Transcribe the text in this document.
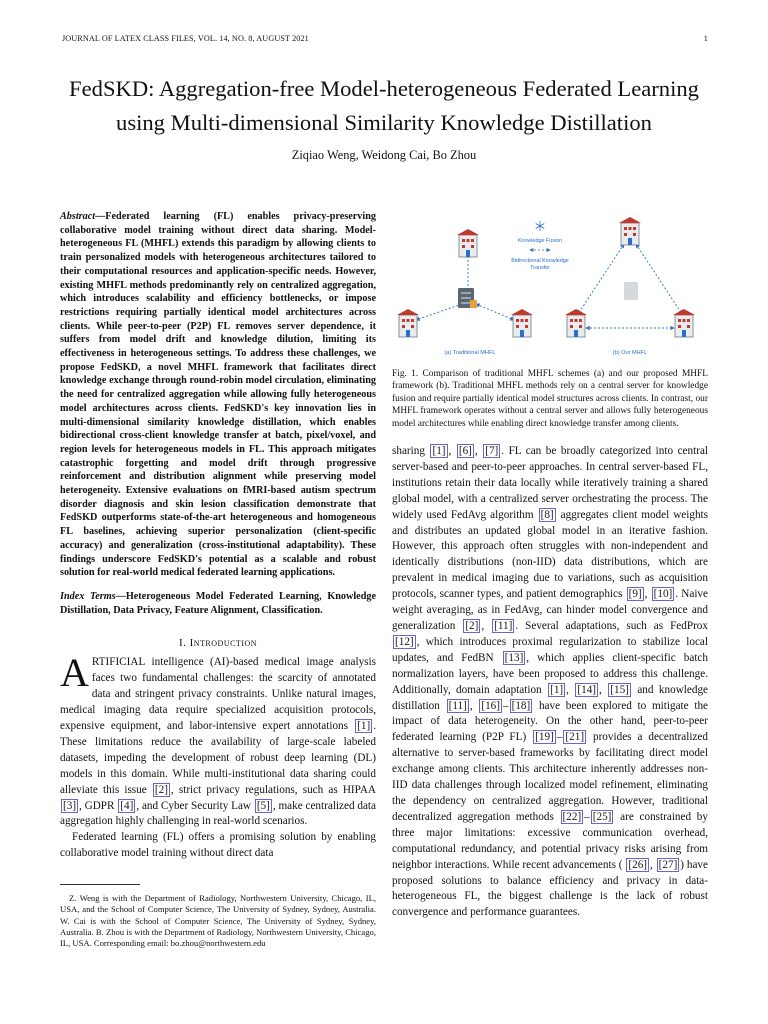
JOURNAL OF LATEX CLASS FILES, VOL. 14, NO. 8, AUGUST 2021	1
FedSKD: Aggregation-free Model-heterogeneous Federated Learning
using Multi-dimensional Similarity Knowledge Distillation
Ziqiao Weng, Weidong Cai, Bo Zhou
Abstract—Federated learning (FL) enables privacy-preserving collaborative model training without direct data sharing. Model-heterogeneous FL (MHFL) extends this paradigm by allowing clients to train personalized models with heterogeneous architectures tailored to their computational resources and application-specific needs. However, existing MHFL methods predominantly rely on centralized aggregation, which introduces scalability and efficiency bottlenecks, or impose restrictions requiring partially identical model architectures across clients. While peer-to-peer (P2P) FL removes server dependence, it suffers from model drift and knowledge dilution, limiting its effectiveness in heterogeneous settings. To address these challenges, we propose FedSKD, a novel MHFL framework that facilitates direct knowledge exchange through round-robin model circulation, eliminating the need for centralized aggregation while allowing fully heterogeneous model architectures across clients. FedSKD's key innovation lies in multi-dimensional similarity knowledge distillation, which enables bidirectional cross-client knowledge transfer at batch, pixel/voxel, and region levels for heterogeneous models in FL. This approach mitigates catastrophic forgetting and model drift through progressive reinforcement and distribution alignment while preserving model heterogeneity. Extensive evaluations on fMRI-based autism spectrum disorder diagnosis and skin lesion classification demonstrate that FedSKD outperforms state-of-the-art heterogeneous and homogeneous FL baselines, achieving superior personalization (client-specific accuracy) and generalization (cross-institutional adaptability). These findings underscore FedSKD's potential as a scalable and robust solution for real-world medical federated learning applications.
Index Terms—Heterogeneous Model Federated Learning, Knowledge Distillation, Data Privacy, Feature Alignment, Classification.
I. Introduction

ARTIFICIAL intelligence (AI)-based medical image analysis faces two fundamental challenges: the scarcity of annotated data and stringent privacy constraints. Unlike natural images, medical imaging data require specialized acquisition protocols, expensive equipment, and labor-intensive expert annotations [1] . These limitations reduce the availability of large-scale labeled datasets, impeding the development of robust deep learning (DL) models in this domain. While multi-institutional data sharing could alleviate this issue [2] , strict privacy regulations, such as HIPAA [3] , GDPR [4] , and Cyber Security Law [5] , make centralized data aggregation highly challenging in real-world scenarios.

Federated learning (FL) offers a promising solution by enabling collaborative model training without direct data

Z. Weng is with the Department of Radiology, Northwestern University, Chicago, IL, USA, and the School of Computer Science, The University of Sydney, Sydney, Australia. W. Cai is with the School of Computer Science, The University of Sydney, Sydney, Australia. B. Zhou is with the Department of Radiology, Northwestern University, Chicago, IL, USA. Corresponding email: bo.zhou@northwestern.edu
(a) Traditional MHFL
Knowledge Fusion
Bidirectional Knowledge
Transfer
(b) Our MHFL
Fig. 1. Comparison of traditional MHFL schemes (a) and our proposed MHFL framework (b). Traditional MHFL methods rely on a central server for knowledge fusion and require partially identical model structures across clients. In contrast, our MHFL framework operates without a central server and allows fully heterogeneous model architectures while enabling direct knowledge transfer among clients.

sharing [1] , [6] , [7] . FL can be broadly categorized into central server-based and peer-to-peer approaches. In central server-based FL, institutions retain their data locally while iteratively training a shared global model, with a centralized server orchestrating the process. The widely used FedAvg algorithm [8] aggregates client model weights and distributes an updated global model in an iterative fashion. However, this approach often struggles with non-independent and identically distributions (non-IID) data distributions, which are prevalent in medical imaging due to variations, such as acquisition protocols, scanner types, and patient demographics [9] , [10] . Naive weight averaging, as in FedAvg, can hinder model convergence and generalization [2] , [11] . Several adaptations, such as FedProx [12] , which introduces proximal regularization to stabilize local updates, and FedBN [13] , which applies client-specific batch normalization layers, have been proposed to address this challenge. Additionally, domain adaptation [1] , [14] , [15] and knowledge distillation [11] , [16] – [18] have been explored to mitigate the impact of data heterogeneity. On the other hand, peer-to-peer federated learning (P2P FL) [19] – [21] provides a decentralized alternative to server-based frameworks by facilitating direct model exchange among clients. This architecture inherently addresses non-IID data challenges through localized model refinement, eliminating the dependency on centralized aggregation. However, traditional decentralized aggregation methods [22] – [25] are constrained by three major limitations: excessive communication overhead, computational redundancy, and potential privacy risks arising from neighbor interactions. While recent advancements ( [26] , [27] ) have proposed solutions to balance efficiency and privacy in data-heterogeneous FL, the biggest challenge is the lack of robust convergence and performance guarantees.
